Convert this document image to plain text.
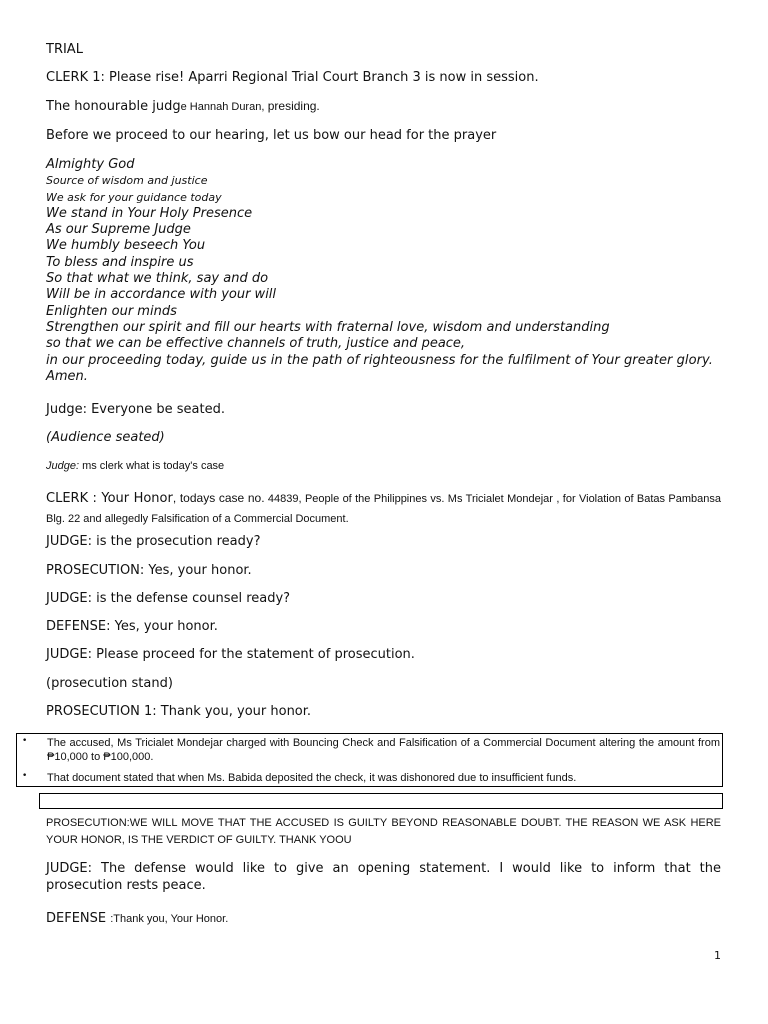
TRIAL
CLERK 1: Please rise! Aparri Regional Trial Court Branch 3 is now in session.
The honourable judge Hannah Duran, presiding.
Before we proceed to our hearing, let us bow our head for the prayer
Almighty God
Source of wisdom and justice
We ask for your guidance today
We stand in Your Holy Presence
As our Supreme Judge
We humbly beseech You
To bless and inspire us
So that what we think, say and do
Will be in accordance with your will
Enlighten our minds
Strengthen our spirit and fill our hearts with fraternal love, wisdom and understanding
so that we can be effective channels of truth, justice and peace,
in our proceeding today, guide us in the path of righteousness for the fulfilment of Your greater glory.
Amen.
Judge: Everyone be seated.
(Audience seated)
Judge: ms clerk what is today's case
CLERK : Your Honor, todays case no. 44839, People of the Philippines vs. Ms Tricialet Mondejar , for Violation of Batas Pambansa Blg. 22 and allegedly Falsification of a Commercial Document.
JUDGE: is the prosecution ready?
PROSECUTION: Yes, your honor.
JUDGE: is the defense counsel ready?
DEFENSE: Yes, your honor.
JUDGE: Please proceed for the statement of prosecution.
(prosecution stand)
PROSECUTION 1: Thank you, your honor.
• The accused, Ms Tricialet Mondejar charged with Bouncing Check and Falsification of a Commercial Document altering the amount from ₱10,000 to ₱100,000.
• That document stated that when Ms. Babida deposited the check, it was dishonored due to insufficient funds.
PROSECUTION:WE WILL MOVE THAT THE ACCUSED IS GUILTY BEYOND REASONABLE DOUBT. THE REASON WE ASK HERE YOUR HONOR, IS THE VERDICT OF GUILTY. THANK YOOU
JUDGE: The defense would like to give an opening statement. I would like to inform that the prosecution rests peace.
DEFENSE :Thank you, Your Honor.
1
